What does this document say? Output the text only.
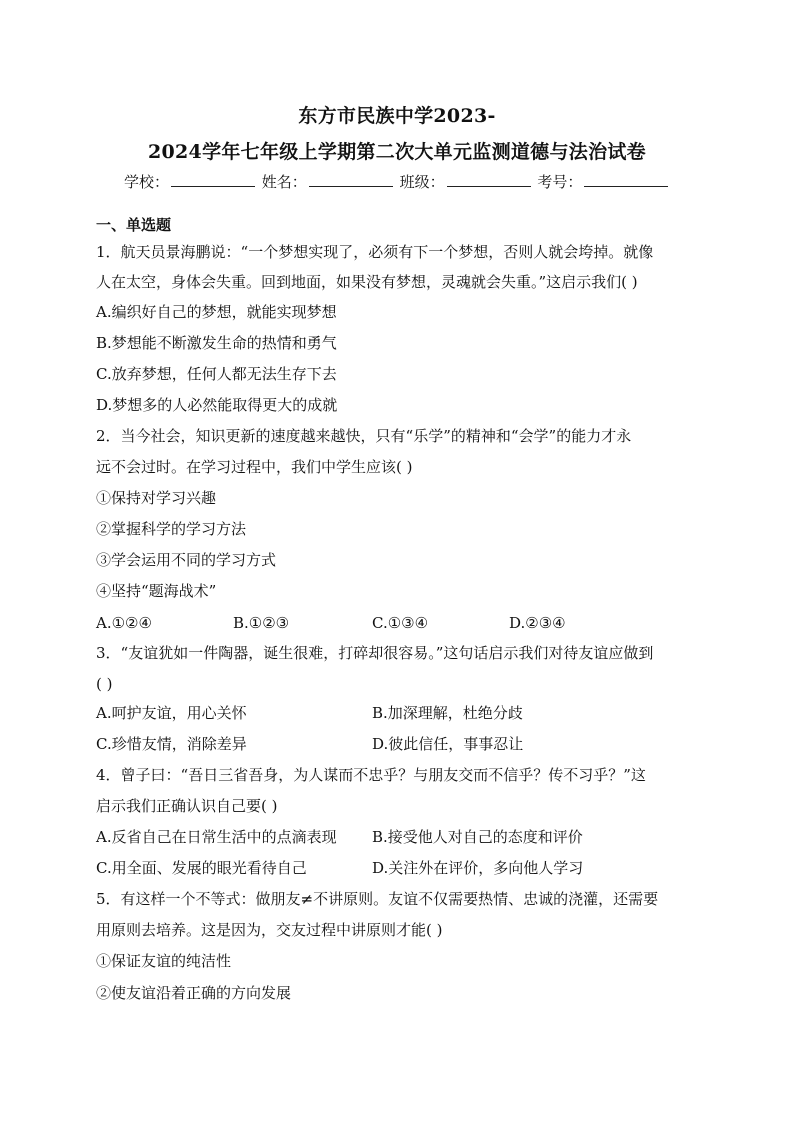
东方市民族中学2023-
2024学年七年级上学期第二次大单元监测道德与法治试卷
学校：	姓名：	班级：	考号：
一、单选题
1．航天员景海鹏说：“一个梦想实现了，必须有下一个梦想，否则人就会垮掉。就像
人在太空，身体会失重。回到地面，如果没有梦想，灵魂就会失重。”这启示我们( )
A.编织好自己的梦想，就能实现梦想
B.梦想能不断激发生命的热情和勇气
C.放弃梦想，任何人都无法生存下去
D.梦想多的人必然能取得更大的成就
2．当今社会，知识更新的速度越来越快，只有“乐学”的精神和“会学”的能力才永
远不会过时。在学习过程中，我们中学生应该( )
①保持对学习兴趣
②掌握科学的学习方法
③学会运用不同的学习方式
④坚持“题海战术”
A.①②④	B.①②③	C.①③④	D.②③④
3．“友谊犹如一件陶器，诞生很难，打碎却很容易。”这句话启示我们对待友谊应做到
( )
A.呵护友谊，用心关怀	B.加深理解，杜绝分歧
C.珍惜友情，消除差异	D.彼此信任，事事忍让
4．曾子曰：“吾日三省吾身，为人谋而不忠乎？与朋友交而不信乎？传不习乎？”这
启示我们正确认识自己要( )
A.反省自己在日常生活中的点滴表现 B.接受他人对自己的态度和评价
C.用全面、发展的眼光看待自己	D.关注外在评价，多向他人学习
5．有这样一个不等式：做朋友≠不讲原则。友谊不仅需要热情、忠诚的浇灌，还需要
用原则去培养。这是因为，交友过程中讲原则才能( )
①保证友谊的纯洁性
②使友谊沿着正确的方向发展
